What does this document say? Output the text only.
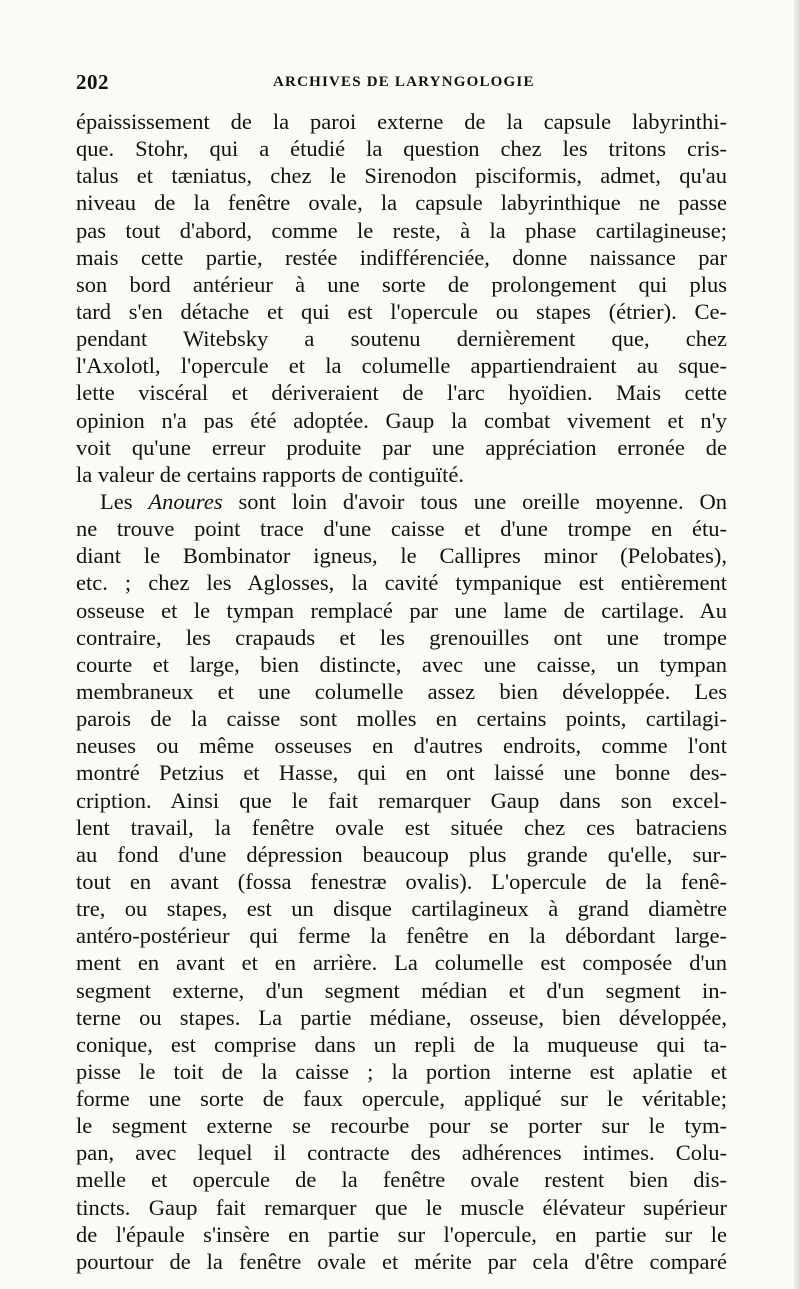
202	ARCHIVES DE LARYNGOLOGIE
épaississement de la paroi externe de la capsule labyrinthi-
que. Stohr, qui a étudié la question chez les tritons cris-
talus et tæniatus, chez le Sirenodon pisciformis, admet, qu'au
niveau de la fenêtre ovale, la capsule labyrinthique ne passe
pas tout d'abord, comme le reste, à la phase cartilagineuse;
mais cette partie, restée indifférenciée, donne naissance par
son bord antérieur à une sorte de prolongement qui plus
tard s'en détache et qui est l'opercule ou stapes (étrier). Ce-
pendant Witebsky a soutenu dernièrement que, chez
l'Axolotl, l'opercule et la columelle appartiendraient au sque-
lette viscéral et dériveraient de l'arc hyoïdien. Mais cette
opinion n'a pas été adoptée. Gaup la combat vivement et n'y
voit qu'une erreur produite par une appréciation erronée de
la valeur de certains rapports de contiguïté.
Les Anoures sont loin d'avoir tous une oreille moyenne. On
ne trouve point trace d'une caisse et d'une trompe en étu-
diant le Bombinator igneus, le Callipres minor (Pelobates),
etc. ; chez les Aglosses, la cavité tympanique est entièrement
osseuse et le tympan remplacé par une lame de cartilage. Au
contraire, les crapauds et les grenouilles ont une trompe
courte et large, bien distincte, avec une caisse, un tympan
membraneux et une columelle assez bien développée. Les
parois de la caisse sont molles en certains points, cartilagi-
neuses ou même osseuses en d'autres endroits, comme l'ont
montré Petzius et Hasse, qui en ont laissé une bonne des-
cription. Ainsi que le fait remarquer Gaup dans son excel-
lent travail, la fenêtre ovale est située chez ces batraciens
au fond d'une dépression beaucoup plus grande qu'elle, sur-
tout en avant (fossa fenestræ ovalis). L'opercule de la fenê-
tre, ou stapes, est un disque cartilagineux à grand diamètre
antéro-postérieur qui ferme la fenêtre en la débordant large-
ment en avant et en arrière. La columelle est composée d'un
segment externe, d'un segment médian et d'un segment in-
terne ou stapes. La partie médiane, osseuse, bien développée,
conique, est comprise dans un repli de la muqueuse qui ta-
pisse le toit de la caisse ; la portion interne est aplatie et
forme une sorte de faux opercule, appliqué sur le véritable;
le segment externe se recourbe pour se porter sur le tym-
pan, avec lequel il contracte des adhérences intimes. Colu-
melle et opercule de la fenêtre ovale restent bien dis-
tincts. Gaup fait remarquer que le muscle élévateur supérieur
de l'épaule s'insère en partie sur l'opercule, en partie sur le
pourtour de la fenêtre ovale et mérite par cela d'être comparé
